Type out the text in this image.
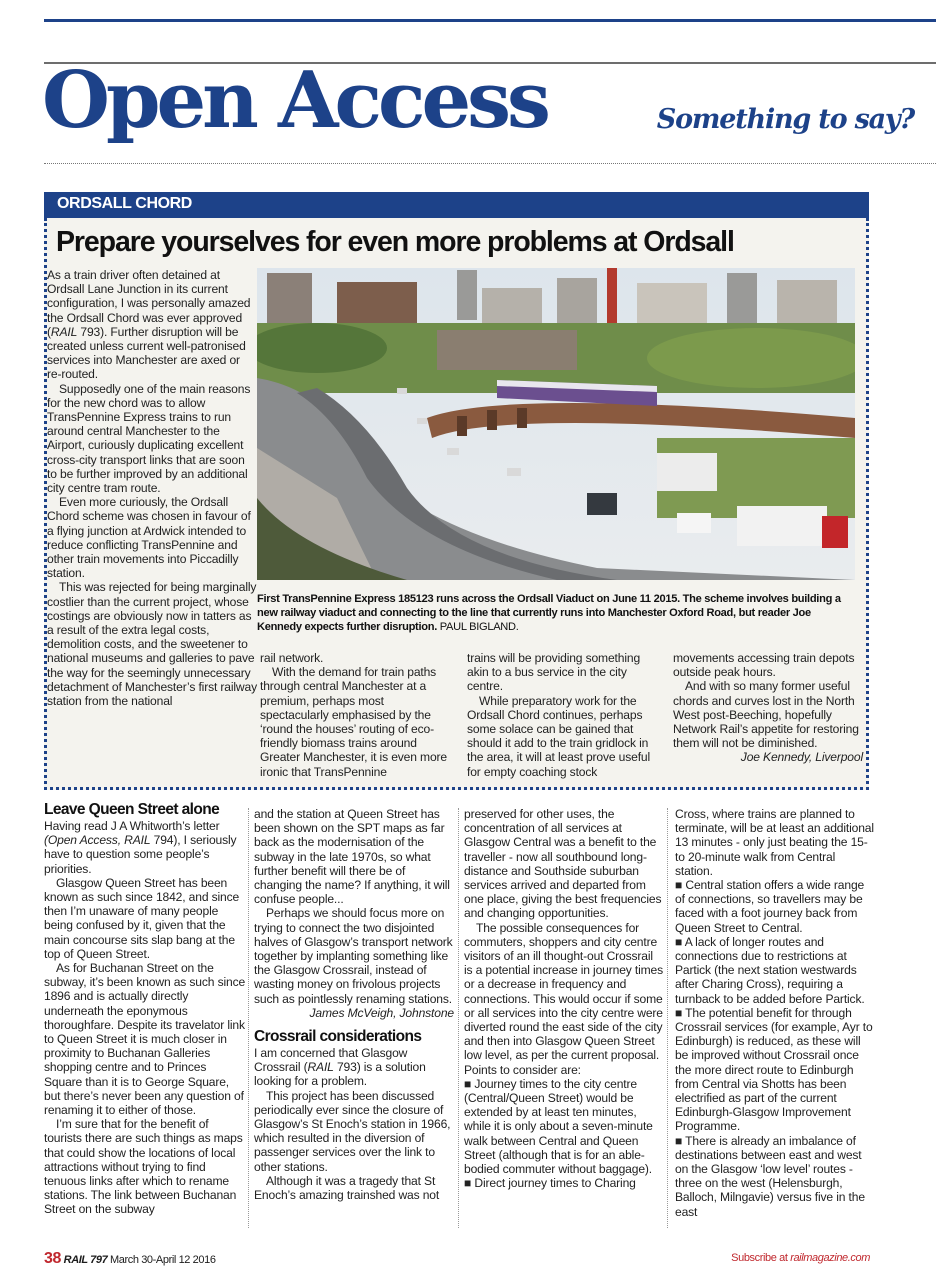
Open Access	Something to say?
ORDSALL CHORD
Prepare yourselves for even more problems at Ordsall
First TransPennine Express 185123 runs across the Ordsall Viaduct on June 11 2015. The scheme involves building a new railway viaduct and connecting to the line that currently runs into Manchester Oxford Road, but reader Joe Kennedy expects further disruption. PAUL BIGLAND.

As a train driver often detained at Ordsall Lane Junction in its current configuration, I was personally amazed the Ordsall Chord was ever approved (RAIL 793). Further disruption will be created unless current well-patronised services into Manchester are axed or re-routed.

Supposedly one of the main reasons for the new chord was to allow TransPennine Express trains to run around central Manchester to the Airport, curiously duplicating excellent cross-city transport links that are soon to be further improved by an additional city centre tram route.

Even more curiously, the Ordsall Chord scheme was chosen in favour of a flying junction at Ardwick intended to reduce conflicting TransPennine and other train movements into Piccadilly station.

This was rejected for being marginally costlier than the current project, whose costings are obviously now in tatters as a result of the extra legal costs, demolition costs, and the sweetener to national museums and galleries to pave the way for the seemingly unnecessary detachment of Manchester’s first railway station from the national

rail network.

With the demand for train paths through central Manchester at a premium, perhaps most spectacularly emphasised by the ‘round the houses’ routing of eco-friendly biomass trains around Greater Manchester, it is even more ironic that TransPennine

trains will be providing something akin to a bus service in the city centre.

While preparatory work for the Ordsall Chord continues, perhaps some solace can be gained that should it add to the train gridlock in the area, it will at least prove useful for empty coaching stock

movements accessing train depots outside peak hours.

And with so many former useful chords and curves lost in the North West post-Beeching, hopefully Network Rail’s appetite for restoring them will not be diminished.

Joe Kennedy, Liverpool

Leave Queen Street alone

Having read J A Whitworth’s letter (Open Access, RAIL 794), I seriously have to question some people’s priorities.

Glasgow Queen Street has been known as such since 1842, and since then I’m unaware of many people being confused by it, given that the main concourse sits slap bang at the top of Queen Street.

As for Buchanan Street on the subway, it’s been known as such since 1896 and is actually directly underneath the eponymous thoroughfare. Despite its travelator link to Queen Street it is much closer in proximity to Buchanan Galleries shopping centre and to Princes Square than it is to George Square, but there’s never been any question of renaming it to either of those.

I’m sure that for the benefit of tourists there are such things as maps that could show the locations of local attractions without trying to find tenuous links after which to rename stations. The link between Buchanan Street on the subway

and the station at Queen Street has been shown on the SPT maps as far back as the modernisation of the subway in the late 1970s, so what further benefit will there be of changing the name? If anything, it will confuse people...

Perhaps we should focus more on trying to connect the two disjointed halves of Glasgow’s transport network together by implanting something like the Glasgow Crossrail, instead of wasting money on frivolous projects such as pointlessly renaming stations.

James McVeigh, Johnstone

Crossrail considerations

I am concerned that Glasgow Crossrail (RAIL 793) is a solution looking for a problem.

This project has been discussed periodically ever since the closure of Glasgow’s St Enoch’s station in 1966, which resulted in the diversion of passenger services over the link to other stations.

Although it was a tragedy that St Enoch’s amazing trainshed was not

preserved for other uses, the concentration of all services at Glasgow Central was a benefit to the traveller - now all southbound long-distance and Southside suburban services arrived and departed from one place, giving the best frequencies and changing opportunities.

The possible consequences for commuters, shoppers and city centre visitors of an ill thought-out Crossrail is a potential increase in journey times or a decrease in frequency and connections. This would occur if some or all services into the city centre were diverted round the east side of the city and then into Glasgow Queen Street low level, as per the current proposal. Points to consider are:

■ Journey times to the city centre (Central/Queen Street) would be extended by at least ten minutes, while it is only about a seven-minute walk between Central and Queen Street (although that is for an able-bodied commuter without baggage).

■ Direct journey times to Charing

Cross, where trains are planned to terminate, will be at least an additional 13 minutes - only just beating the 15- to 20-minute walk from Central station.

■ Central station offers a wide range of connections, so travellers may be faced with a foot journey back from Queen Street to Central.

■ A lack of longer routes and connections due to restrictions at Partick (the next station westwards after Charing Cross), requiring a turnback to be added before Partick.

■ The potential benefit for through Crossrail services (for example, Ayr to Edinburgh) is reduced, as these will be improved without Crossrail once the more direct route to Edinburgh from Central via Shotts has been electrified as part of the current Edinburgh-Glasgow Improvement Programme.

■ There is already an imbalance of destinations between east and west on the Glasgow ‘low level’ routes - three on the west (Helensburgh, Balloch, Milngavie) versus five in the east

38 RAIL 797 March 30-April 12 2016	Subscribe at railmagazine.com
